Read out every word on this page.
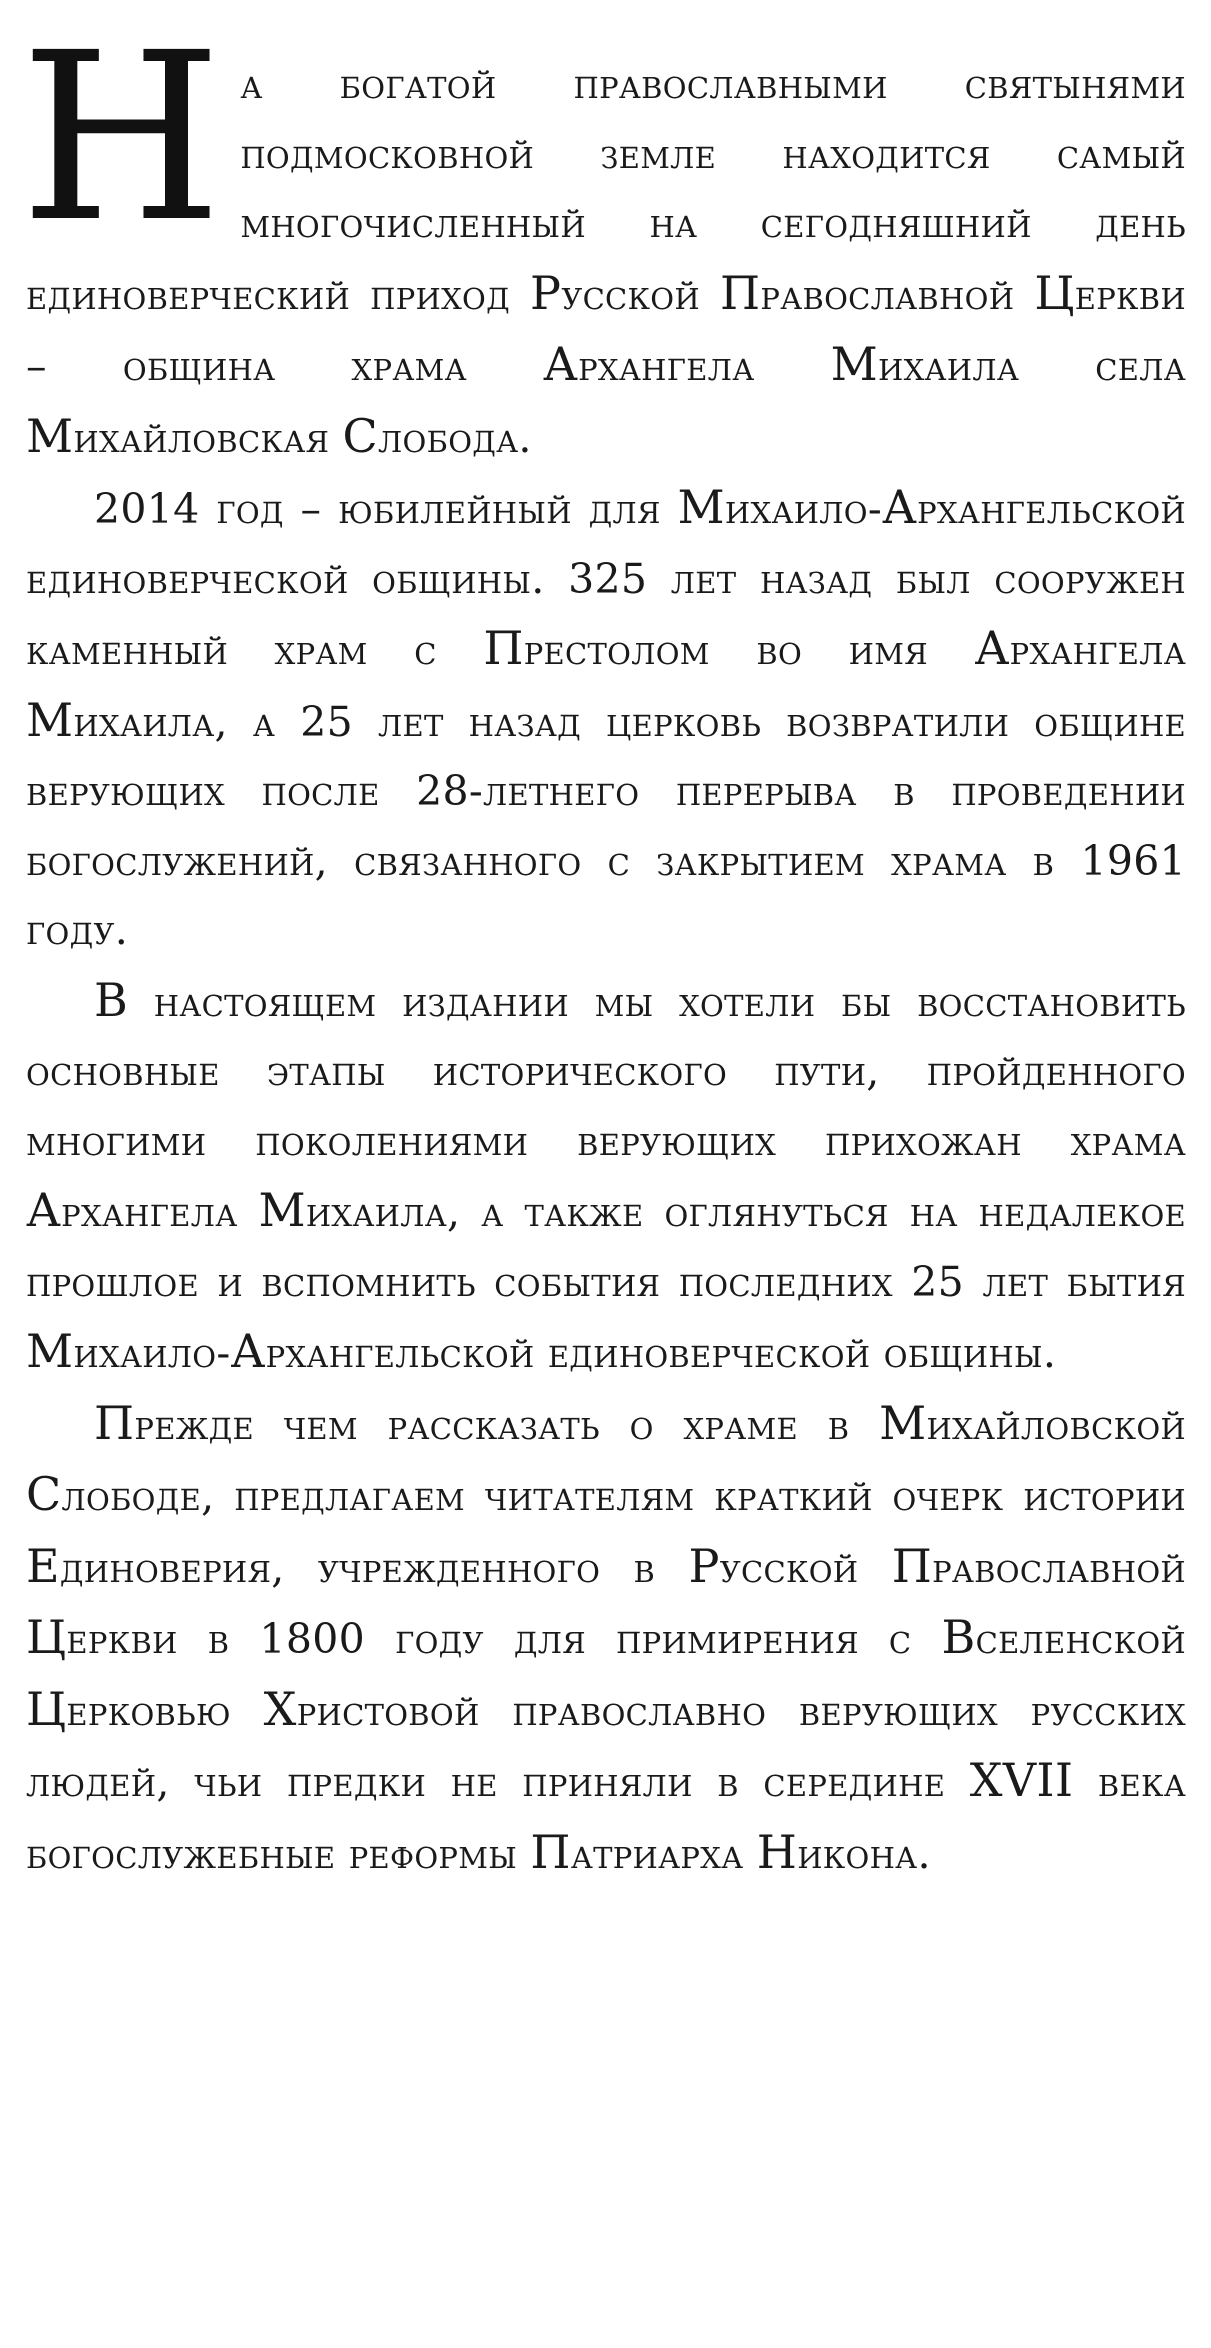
Н а богатой православными святынями подмосковной земле находится самый многочисленный на сегодняшний день единоверческий приход Русской Православной Церкви – община храма Архангела Михаила села Михайловская Слобода.

2014 год – юбилейный для Михаило-Архангельской единоверческой общины. 325 лет назад был сооружен каменный храм с Престолом во имя Архангела Михаила, а 25 лет назад церковь возвратили общине верующих после 28-летнего перерыва в проведении богослужений, связанного с закрытием храма в 1961 году.

В настоящем издании мы хотели бы восстановить основные этапы исторического пути, пройденного многими поколениями верующих прихожан храма Архангела Михаила, а также оглянуться на недалекое прошлое и вспомнить события последних 25 лет бытия Михаило-Архангельской единоверческой общины.

Прежде чем рассказать о храме в Михайловской Слободе, предлагаем читателям краткий очерк истории Единоверия, учрежденного в Русской Православной Церкви в 1800 году для примирения с Вселенской Церковью Христовой православно верующих русских людей, чьи предки не приняли в середине XVII века богослужебные реформы Патриарха Никона.
